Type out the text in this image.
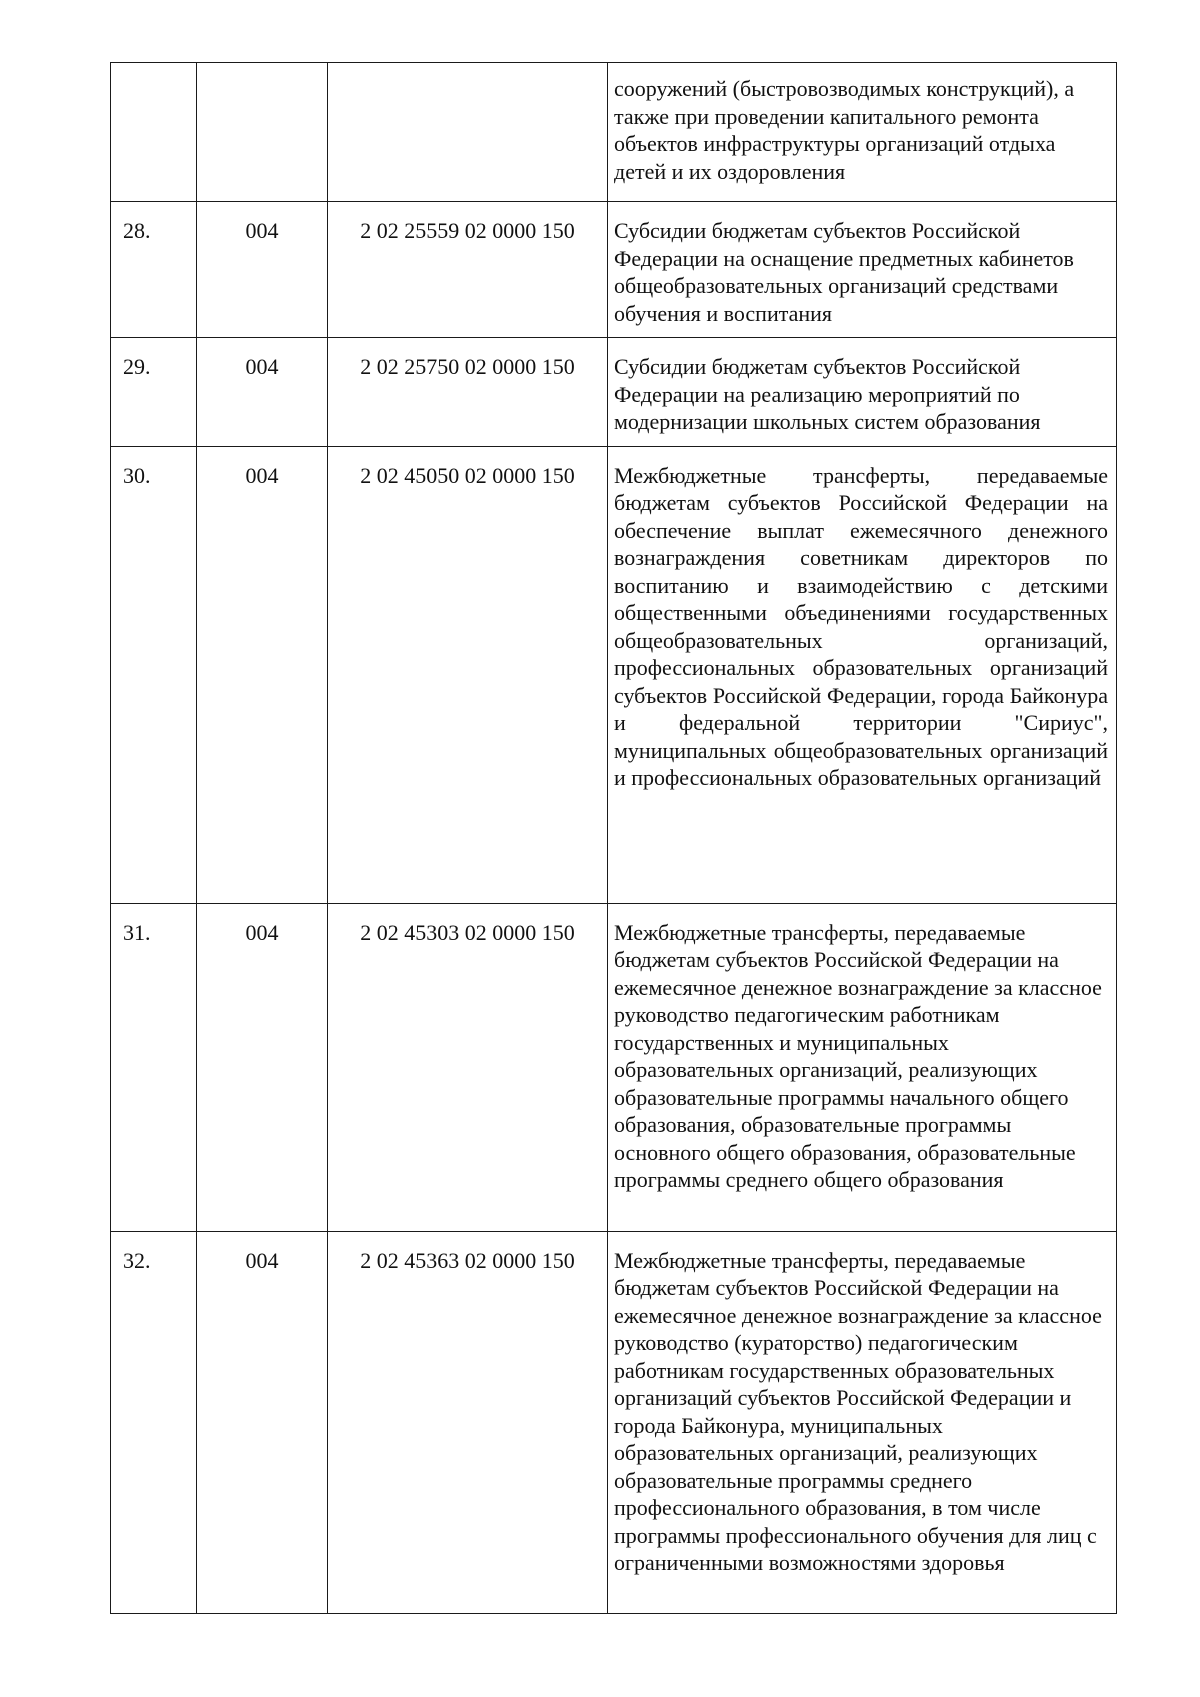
			сооружений (быстровозводимых конструкций), а также при проведении капитального ремонта объектов инфраструктуры организаций отдыха детей и их оздоровления

28.	004	2 02 25559 02 0000 150	Субсидии бюджетам субъектов Российской Федерации на оснащение предметных кабинетов общеобразовательных организаций средствами обучения и воспитания

29.	004	2 02 25750 02 0000 150	Субсидии бюджетам субъектов Российской Федерации на реализацию мероприятий по модернизации школьных систем образования

30.	004	2 02 45050 02 0000 150	Межбюджетные трансферты, передаваемые бюджетам субъектов Российской Федерации на обеспечение выплат ежемесячного денежного вознаграждения советникам директоров по воспитанию и взаимодействию с детскими общественными объединениями государственных общеобразовательных организаций, профессиональных образовательных организаций субъектов Российской Федерации, города Байконура и федеральной территории "Сириус", муниципальных общеобразовательных организаций и профессиональных образовательных организаций

31.	004	2 02 45303 02 0000 150	Межбюджетные трансферты, передаваемые бюджетам субъектов Российской Федерации на ежемесячное денежное вознаграждение за классное руководство педагогическим работникам государственных и муниципальных образовательных организаций, реализующих образовательные программы начального общего образования, образовательные программы основного общего образования, образовательные программы среднего общего образования

32.	004	2 02 45363 02 0000 150	Межбюджетные трансферты, передаваемые бюджетам субъектов Российской Федерации на ежемесячное денежное вознаграждение за классное руководство (кураторство) педагогическим работникам государственных образовательных организаций субъектов Российской Федерации и города Байконура, муниципальных образовательных организаций, реализующих образовательные программы среднего профессионального образования, в том числе программы профессионального обучения для лиц с ограниченными возможностями здоровья
